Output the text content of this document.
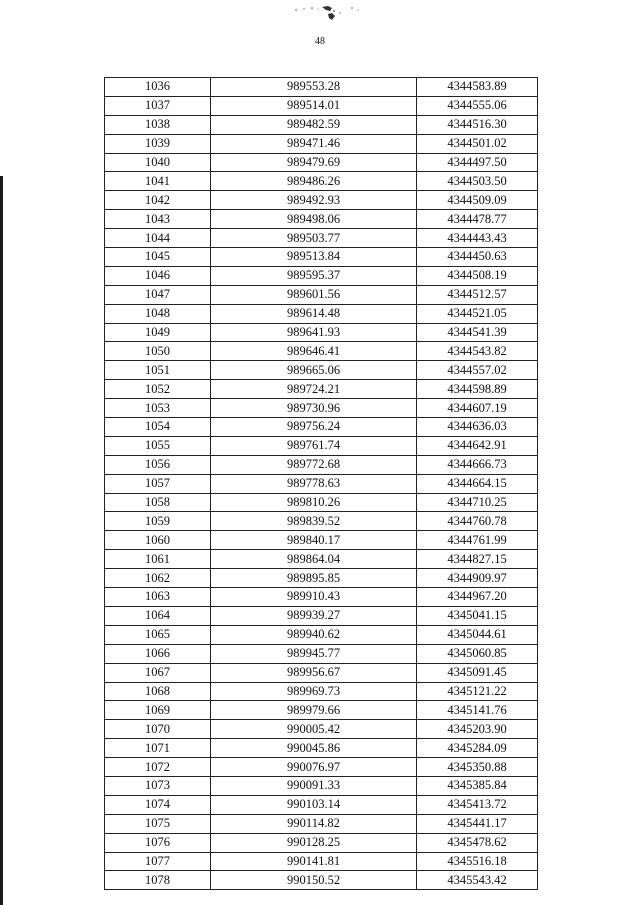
48
1036	989553.28	4344583.89
1037	989514.01	4344555.06
1038	989482.59	4344516.30
1039	989471.46	4344501.02
1040	989479.69	4344497.50
1041	989486.26	4344503.50
1042	989492.93	4344509.09
1043	989498.06	4344478.77
1044	989503.77	4344443.43
1045	989513.84	4344450.63
1046	989595.37	4344508.19
1047	989601.56	4344512.57
1048	989614.48	4344521.05
1049	989641.93	4344541.39
1050	989646.41	4344543.82
1051	989665.06	4344557.02
1052	989724.21	4344598.89
1053	989730.96	4344607.19
1054	989756.24	4344636.03
1055	989761.74	4344642.91
1056	989772.68	4344666.73
1057	989778.63	4344664.15
1058	989810.26	4344710.25
1059	989839.52	4344760.78
1060	989840.17	4344761.99
1061	989864.04	4344827.15
1062	989895.85	4344909.97
1063	989910.43	4344967.20
1064	989939.27	4345041.15
1065	989940.62	4345044.61
1066	989945.77	4345060.85
1067	989956.67	4345091.45
1068	989969.73	4345121.22
1069	989979.66	4345141.76
1070	990005.42	4345203.90
1071	990045.86	4345284.09
1072	990076.97	4345350.88
1073	990091.33	4345385.84
1074	990103.14	4345413.72
1075	990114.82	4345441.17
1076	990128.25	4345478.62
1077	990141.81	4345516.18
1078	990150.52	4345543.42
